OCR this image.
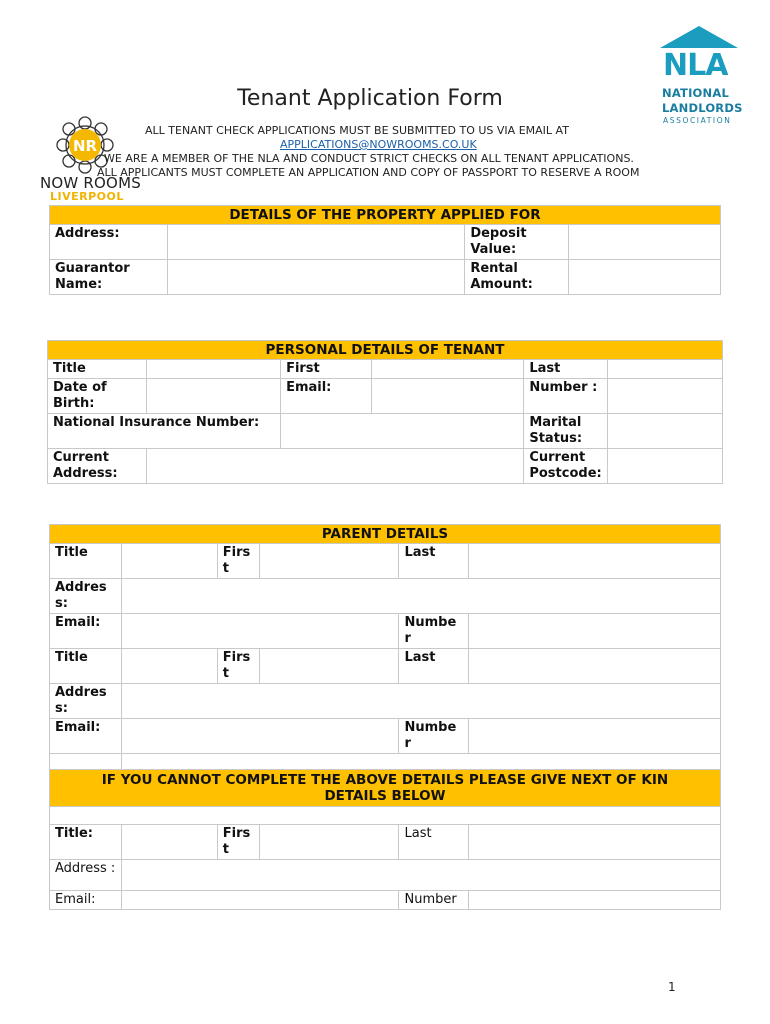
NR
NOW ROOMS
LIVERPOOL
NLA
NATIONAL
LANDLORDS
ASSOCIATION
Tenant Application Form
ALL TENANT CHECK APPLICATIONS MUST BE SUBMITTED TO US VIA EMAIL AT
APPLICATIONS@NOWROOMS.CO.UK
WE ARE A MEMBER OF THE NLA AND CONDUCT STRICT CHECKS ON ALL TENANT APPLICATIONS.
ALL APPLICANTS MUST COMPLETE AN APPLICATION AND COPY OF PASSPORT TO RESERVE A ROOM
DETAILS OF THE PROPERTY APPLIED FOR			
Address:		Deposit Value:	
Guarantor Name:		Rental Amount:	
PERSONAL DETAILS OF TENANT					
Title		First		Last	
Date of Birth:		Email:		Number :	
National Insurance Number:				Marital Status:	
Current Address:				Current Postcode:	
PARENT DETAILS					
Title		Firs t		Last	
Addres s:					
Email:				Numbe r	
Title		Firs t		Last	
Addres s:					
Email:				Numbe r	

IF YOU CANNOT COMPLETE THE ABOVE DETAILS PLEASE GIVE NEXT OF KIN DETAILS BELOW					

Title:		Firs t		Last	
Address :					
Email:				Number	
1
